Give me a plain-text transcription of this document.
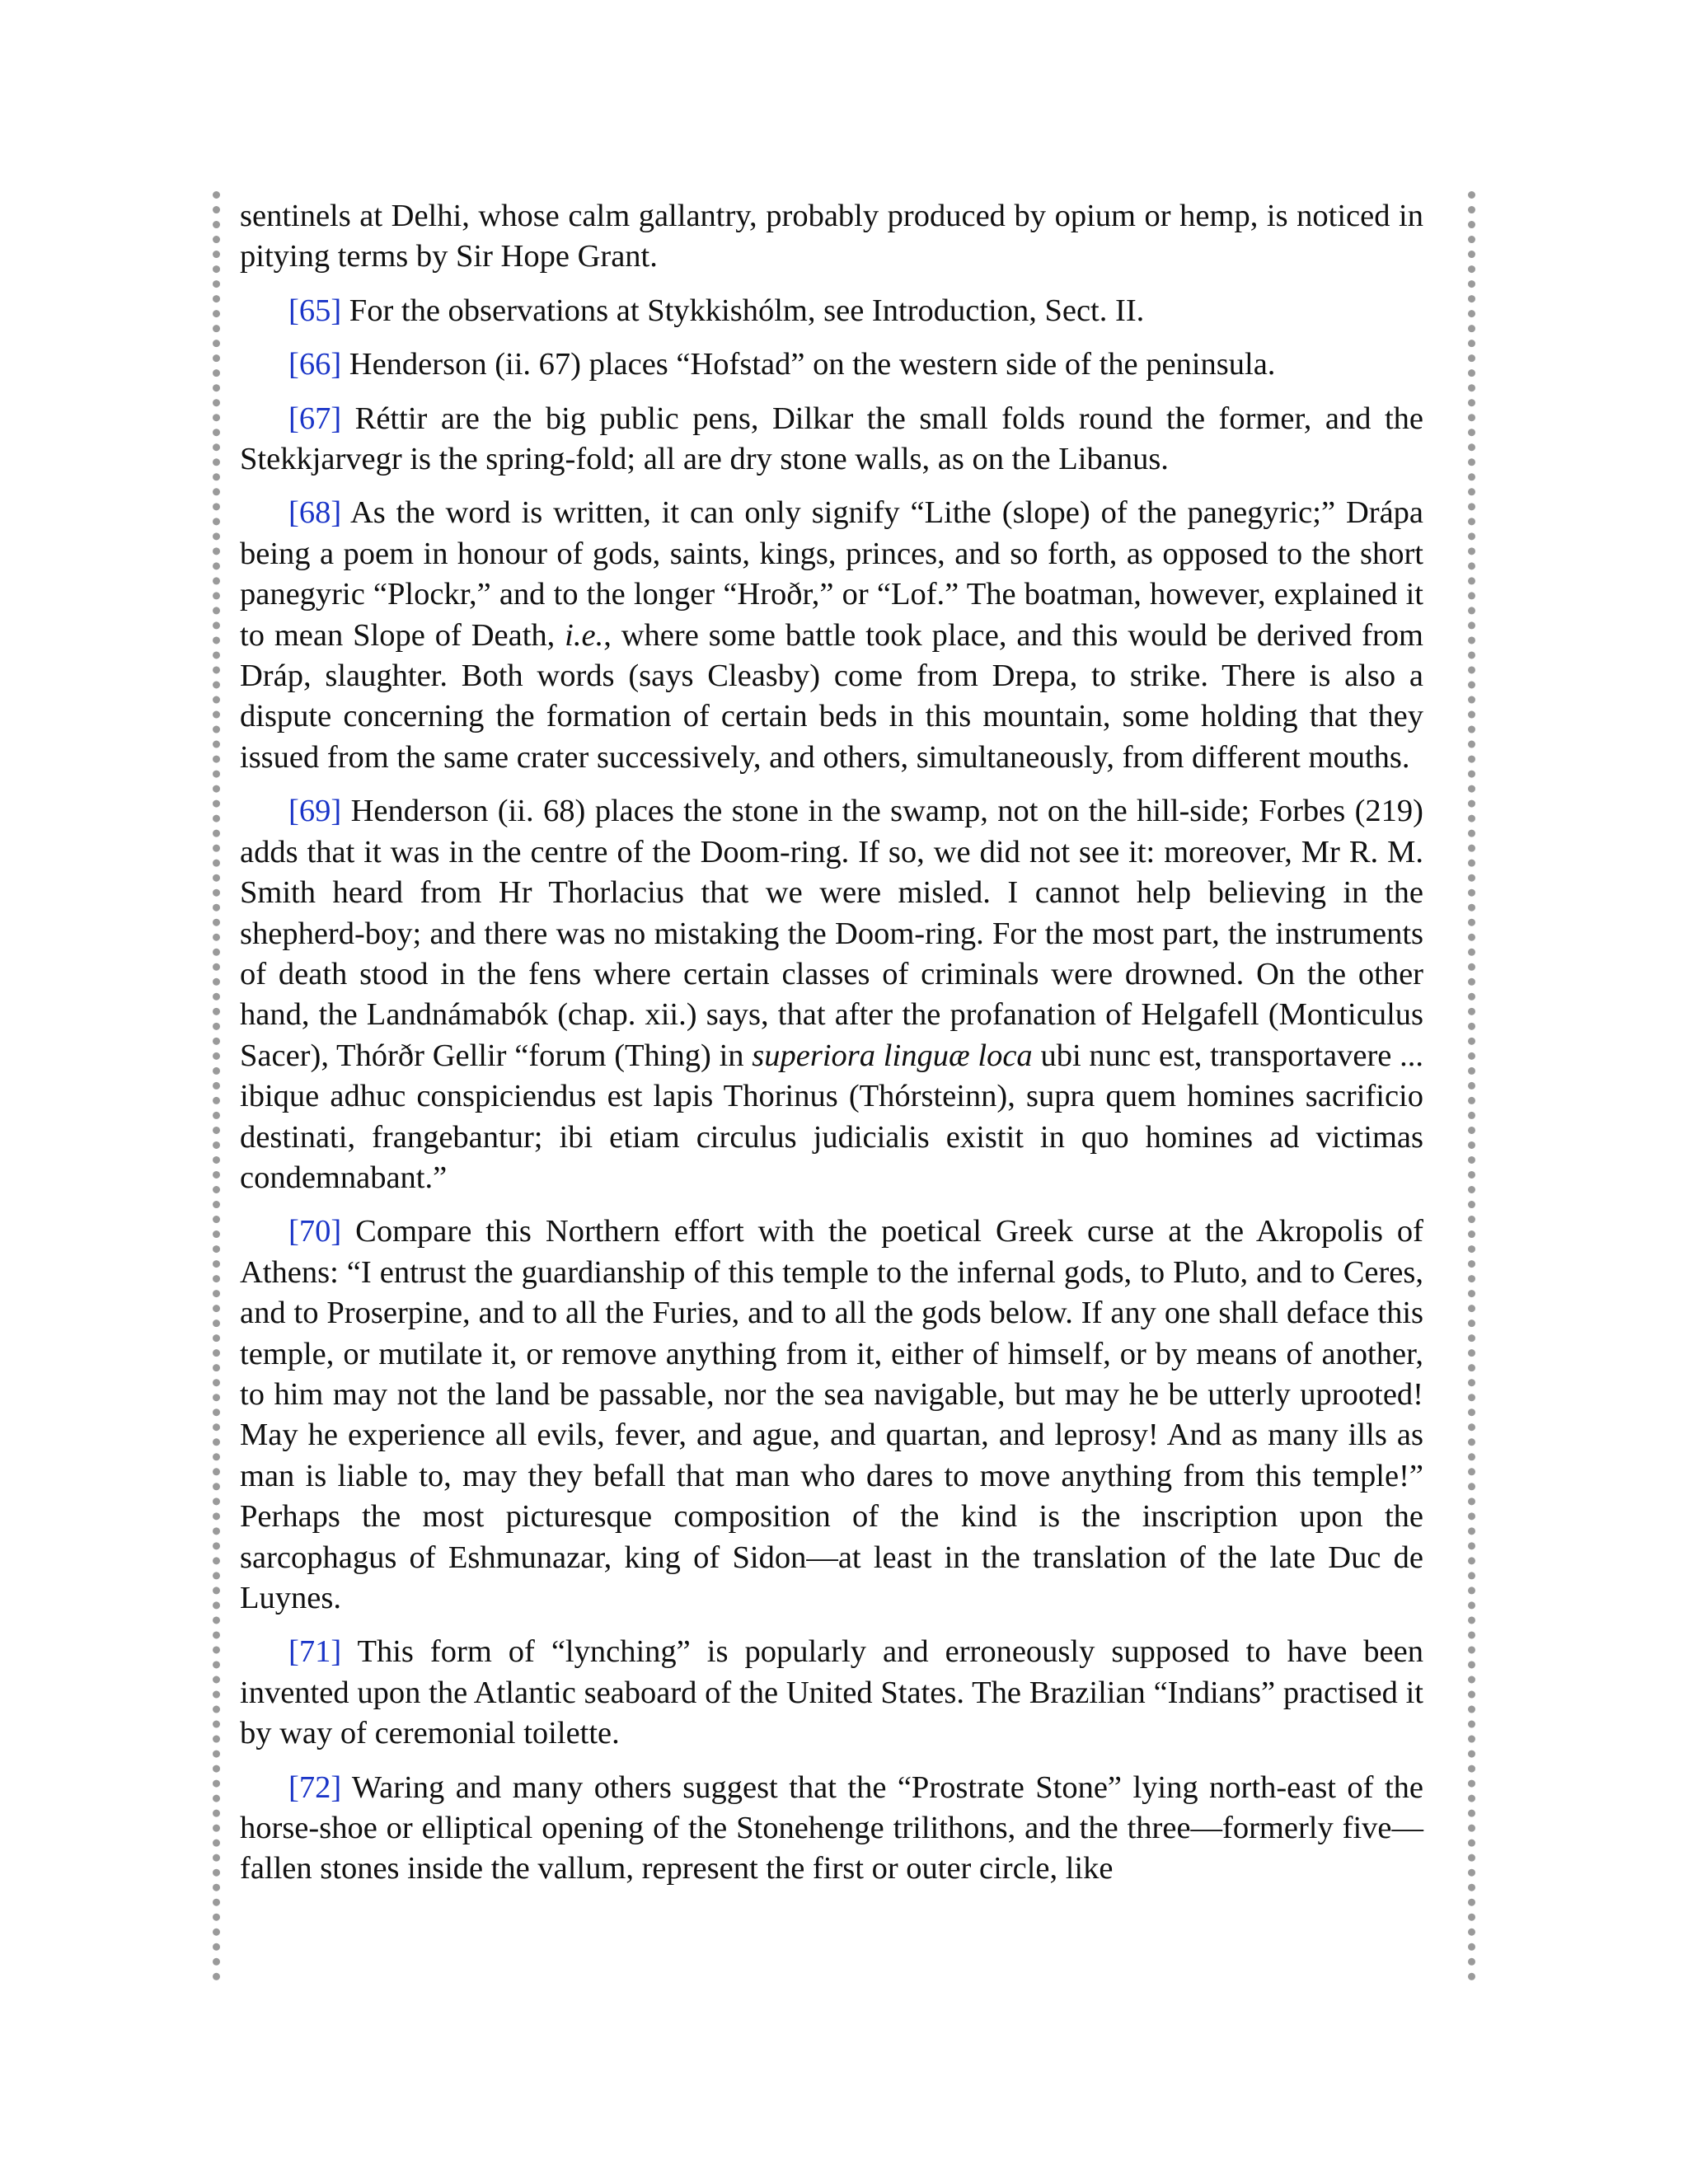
sentinels at Delhi, whose calm gallantry, probably produced by opium or hemp, is noticed in pitying terms by Sir Hope Grant.

[65] For the observations at Stykkishólm, see Introduction, Sect. II.

[66] Henderson (ii. 67) places “Hofstad” on the western side of the peninsula.

[67] Réttir are the big public pens, Dilkar the small folds round the former, and the Stekkjarvegr is the spring-fold; all are dry stone walls, as on the Libanus.

[68] As the word is written, it can only signify “Lithe (slope) of the panegyric;” Drápa being a poem in honour of gods, saints, kings, princes, and so forth, as opposed to the short panegyric “Plockr,” and to the longer “Hroðr,” or “Lof.” The boatman, however, explained it to mean Slope of Death, i.e., where some battle took place, and this would be derived from Dráp, slaughter. Both words (says Cleasby) come from Drepa, to strike. There is also a dispute concerning the formation of certain beds in this mountain, some holding that they issued from the same crater successively, and others, simultaneously, from different mouths.

[69] Henderson (ii. 68) places the stone in the swamp, not on the hill-side; Forbes (219) adds that it was in the centre of the Doom-ring. If so, we did not see it: moreover, Mr R. M. Smith heard from Hr Thorlacius that we were misled. I cannot help believing in the shepherd-boy; and there was no mistaking the Doom-ring. For the most part, the instruments of death stood in the fens where certain classes of criminals were drowned. On the other hand, the Landnámabók (chap. xii.) says, that after the profanation of Helgafell (Monticulus Sacer), Thórðr Gellir “forum (Thing) in superiora linguæ loca ubi nunc est, transportavere ... ibique adhuc conspiciendus est lapis Thorinus (Thórsteinn), supra quem homines sacrificio destinati, frangebantur; ibi etiam circulus judicialis existit in quo homines ad victimas condemnabant.”

[70] Compare this Northern effort with the poetical Greek curse at the Akropolis of Athens: “I entrust the guardianship of this temple to the infernal gods, to Pluto, and to Ceres, and to Proserpine, and to all the Furies, and to all the gods below. If any one shall deface this temple, or mutilate it, or remove anything from it, either of himself, or by means of another, to him may not the land be passable, nor the sea navigable, but may he be utterly uprooted! May he experience all evils, fever, and ague, and quartan, and leprosy! And as many ills as man is liable to, may they befall that man who dares to move anything from this temple!” Perhaps the most picturesque composition of the kind is the inscription upon the sarcophagus of Eshmunazar, king of Sidon—at least in the translation of the late Duc de Luynes.

[71] This form of “lynching” is popularly and erroneously supposed to have been invented upon the Atlantic seaboard of the United States. The Brazilian “Indians” practised it by way of ceremonial toilette.

[72] Waring and many others suggest that the “Prostrate Stone” lying north-east of the horse-shoe or elliptical opening of the Stonehenge trilithons, and the three—formerly five—fallen stones inside the vallum, represent the first or outer circle, like
